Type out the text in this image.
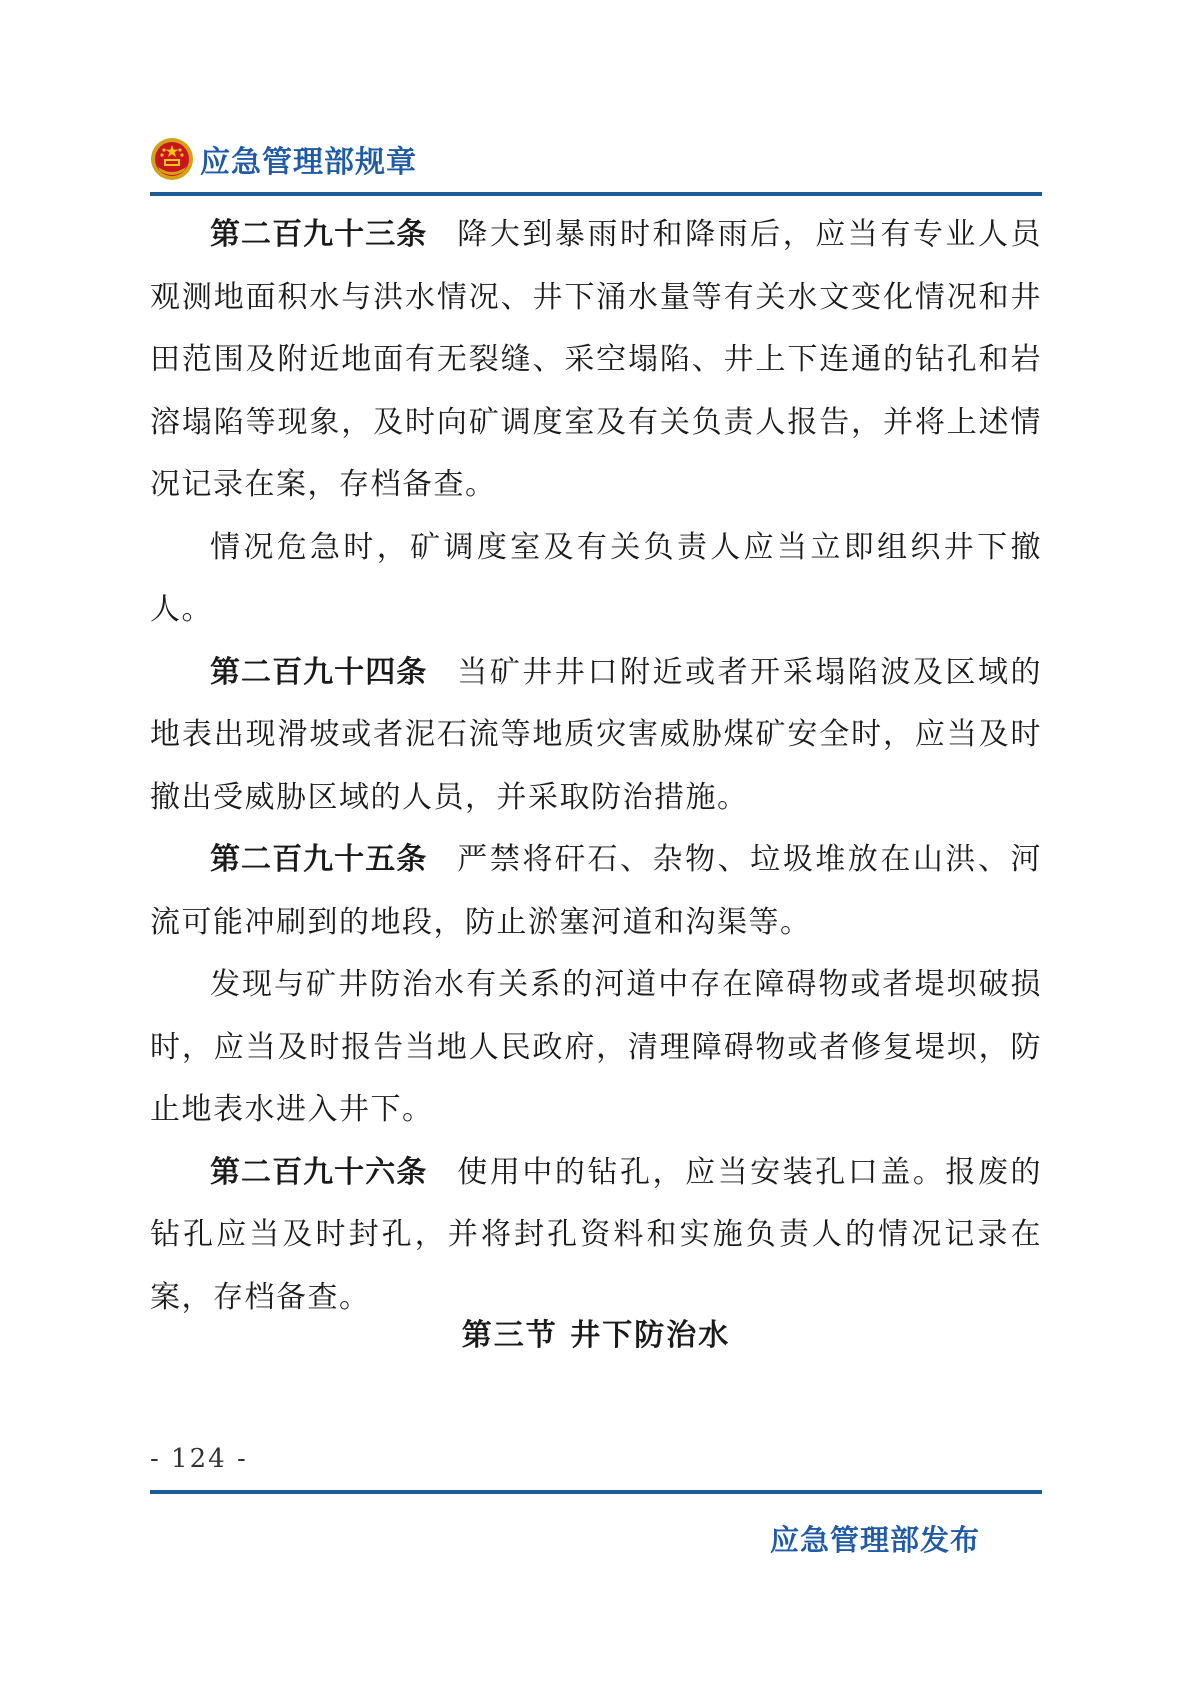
应急管理部规章

第二百九十三条 降大到暴雨时和降雨后，应当有专业人员观测地面积水与洪水情况、井下涌水量等有关水文变化情况和井田范围及附近地面有无裂缝、采空塌陷、井上下连通的钻孔和岩溶塌陷等现象，及时向矿调度室及有关负责人报告，并将上述情况记录在案，存档备查。

情况危急时，矿调度室及有关负责人应当立即组织井下撤人。

第二百九十四条 当矿井井口附近或者开采塌陷波及区域的地表出现滑坡或者泥石流等地质灾害威胁煤矿安全时，应当及时撤出受威胁区域的人员，并采取防治措施。

第二百九十五条 严禁将矸石、杂物、垃圾堆放在山洪、河流可能冲刷到的地段，防止淤塞河道和沟渠等。

发现与矿井防治水有关系的河道中存在障碍物或者堤坝破损时，应当及时报告当地人民政府，清理障碍物或者修复堤坝，防止地表水进入井下。

第二百九十六条 使用中的钻孔，应当安装孔口盖。报废的钻孔应当及时封孔，并将封孔资料和实施负责人的情况记录在案，存档备查。

第三节 井下防治水
- 124 -
应急管理部发布
